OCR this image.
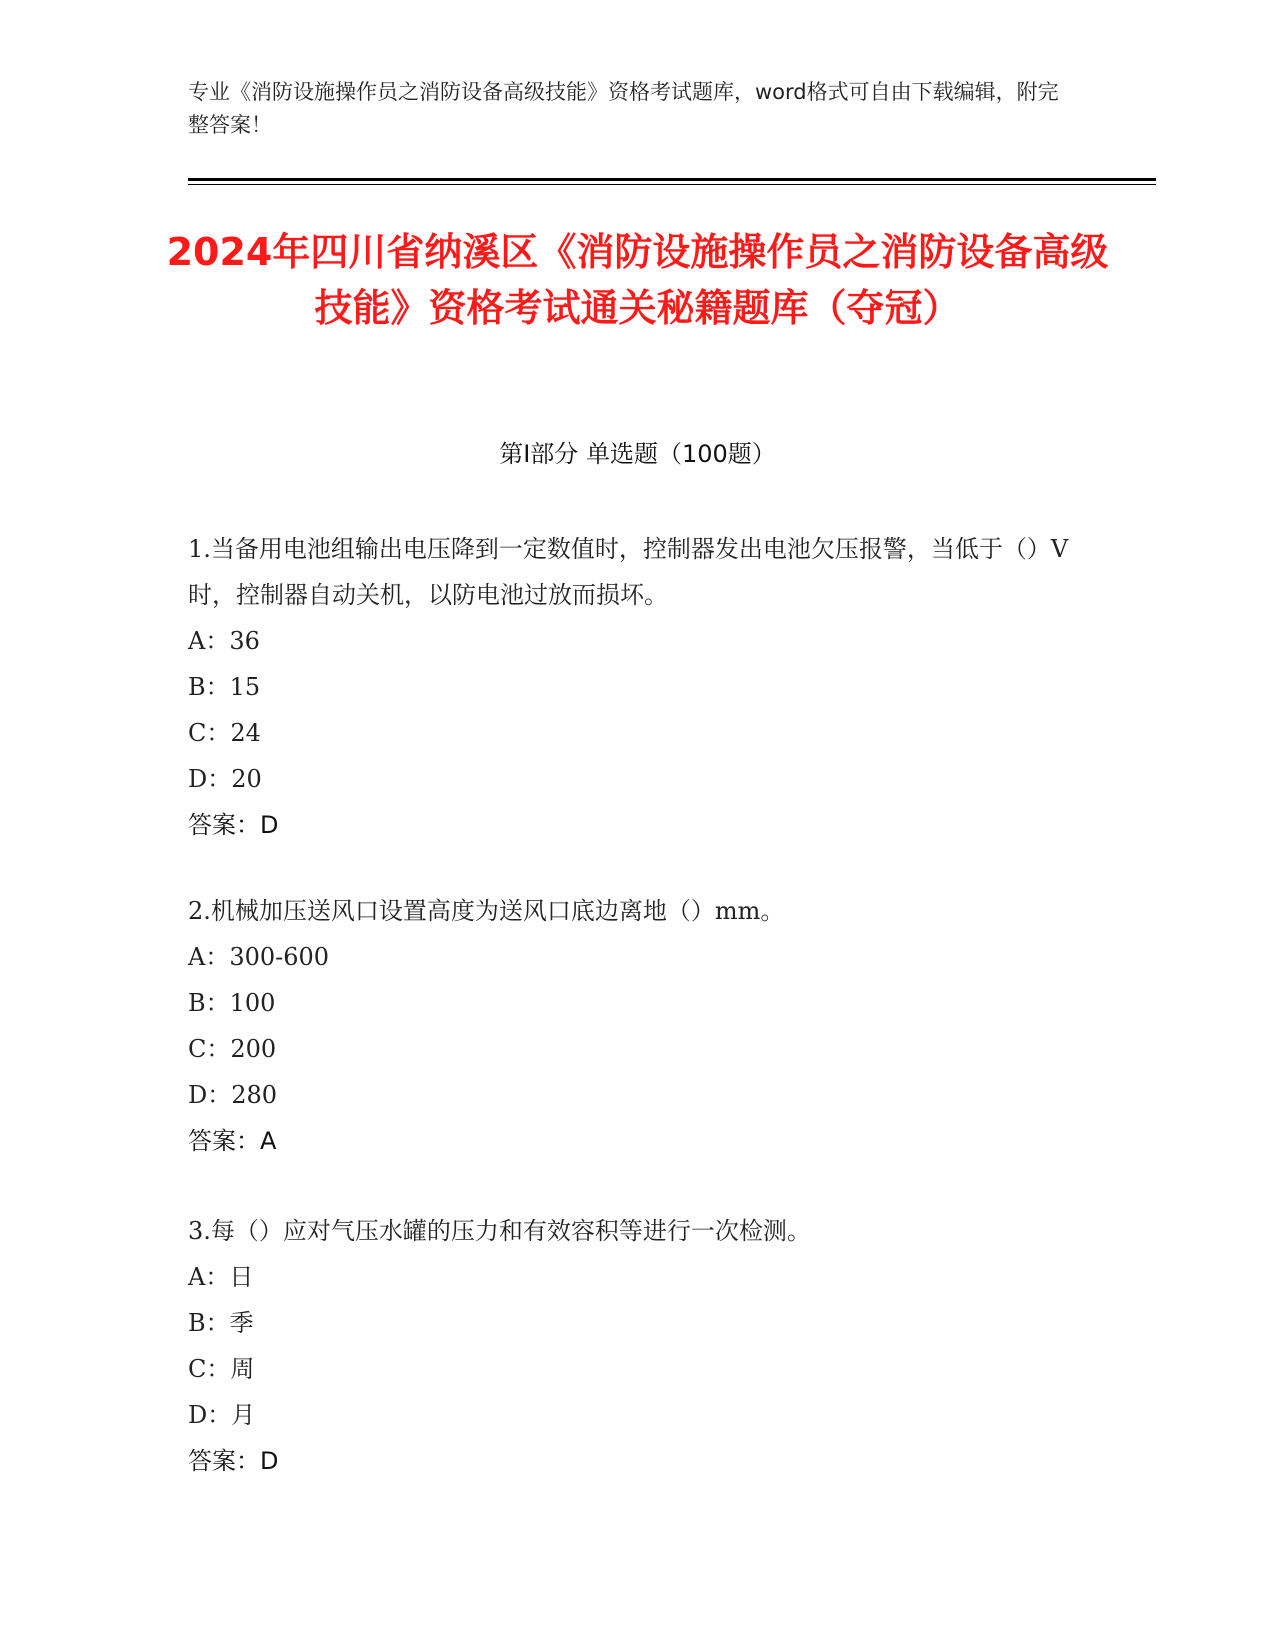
专业《消防设施操作员之消防设备高级技能》资格考试题库，word格式可自由下载编辑，附完整答案！
2024年四川省纳溪区《消防设施操作员之消防设备高级技能》资格考试通关秘籍题库（夺冠）
第I部分 单选题（100题）
1.当备用电池组输出电压降到一定数值时，控制器发出电池欠压报警，当低于（）V时，控制器自动关机，以防电池过放而损坏。
A：36
B：15
C：24
D：20
答案：D
2.机械加压送风口设置高度为送风口底边离地（）mm。
A：300-600
B：100
C：200
D：280
答案：A
3.每（）应对气压水罐的压力和有效容积等进行一次检测。
A：日
B：季
C：周
D：月
答案：D
